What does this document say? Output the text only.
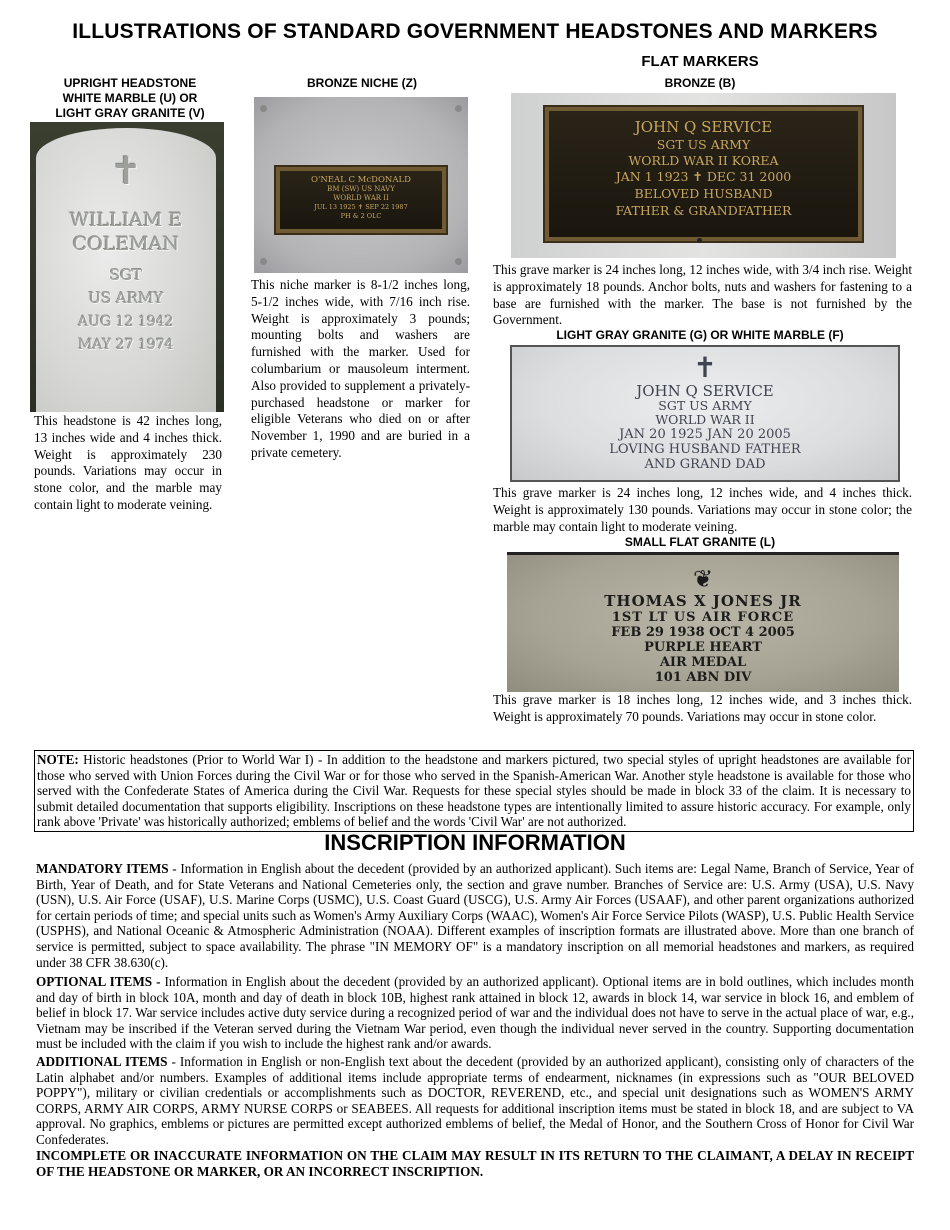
ILLUSTRATIONS OF STANDARD GOVERNMENT HEADSTONES AND MARKERS
FLAT MARKERS
UPRIGHT HEADSTONE
WHITE MARBLE (U) OR
LIGHT GRAY GRANITE (V)
✝
WILLIAM E
COLEMAN
SGT
US ARMY
AUG 12 1942
MAY 27 1974
This headstone is 42 inches long, 13 inches wide and 4 inches thick. Weight is approximately 230 pounds. Variations may occur in stone color, and the marble may contain light to moderate veining.
BRONZE NICHE (Z)
O'NEAL C McDONALD
BM (SW) US NAVY
WORLD WAR II
JUL 13 1925 ✝ SEP 22 1987
PH & 2 OLC
This niche marker is 8-1/2 inches long, 5-1/2 inches wide, with 7/16 inch rise. Weight is approximately 3 pounds; mounting bolts and washers are furnished with the marker. Used for columbarium or mausoleum interment. Also provided to supplement a privately-purchased headstone or marker for eligible Veterans who died on or after November 1, 1990 and are buried in a private cemetery.
BRONZE (B)
JOHN Q SERVICE
SGT US ARMY
WORLD WAR II KOREA
JAN 1 1923 ✝ DEC 31 2000
BELOVED HUSBAND
FATHER & GRANDFATHER
This grave marker is 24 inches long, 12 inches wide, with 3/4 inch rise. Weight is approximately 18 pounds. Anchor bolts, nuts and washers for fastening to a base are furnished with the marker. The base is not furnished by the Government.
LIGHT GRAY GRANITE (G) OR WHITE MARBLE (F)
✝
JOHN Q SERVICE
SGT US ARMY
WORLD WAR II
JAN 20 1925 JAN 20 2005
LOVING HUSBAND FATHER
AND GRAND DAD
This grave marker is 24 inches long, 12 inches wide, and 4 inches thick. Weight is approximately 130 pounds. Variations may occur in stone color; the marble may contain light to moderate veining.
SMALL FLAT GRANITE (L)
❦
THOMAS X JONES JR
1ST LT US AIR FORCE
FEB 29 1938 OCT 4 2005
PURPLE HEART
AIR MEDAL
101 ABN DIV
This grave marker is 18 inches long, 12 inches wide, and 3 inches thick. Weight is approximately 70 pounds. Variations may occur in stone color.
NOTE: Historic headstones (Prior to World War I) - In addition to the headstone and markers pictured, two special styles of upright headstones are available for those who served with Union Forces during the Civil War or for those who served in the Spanish-American War. Another style headstone is available for those who served with the Confederate States of America during the Civil War. Requests for these special styles should be made in block 33 of the claim. It is necessary to submit detailed documentation that supports eligibility. Inscriptions on these headstone types are intentionally limited to assure historic accuracy. For example, only rank above 'Private' was historically authorized; emblems of belief and the words 'Civil War' are not authorized.
INSCRIPTION INFORMATION
MANDATORY ITEMS - Information in English about the decedent (provided by an authorized applicant). Such items are: Legal Name, Branch of Service, Year of Birth, Year of Death, and for State Veterans and National Cemeteries only, the section and grave number. Branches of Service are: U.S. Army (USA), U.S. Navy (USN), U.S. Air Force (USAF), U.S. Marine Corps (USMC), U.S. Coast Guard (USCG), U.S. Army Air Forces (USAAF), and other parent organizations authorized for certain periods of time; and special units such as Women's Army Auxiliary Corps (WAAC), Women's Air Force Service Pilots (WASP), U.S. Public Health Service (USPHS), and National Oceanic & Atmospheric Administration (NOAA). Different examples of inscription formats are illustrated above. More than one branch of service is permitted, subject to space availability. The phrase "IN MEMORY OF" is a mandatory inscription on all memorial headstones and markers, as required under 38 CFR 38.630(c).
OPTIONAL ITEMS - Information in English about the decedent (provided by an authorized applicant). Optional items are in bold outlines, which includes month and day of birth in block 10A, month and day of death in block 10B, highest rank attained in block 12, awards in block 14, war service in block 16, and emblem of belief in block 17. War service includes active duty service during a recognized period of war and the individual does not have to serve in the actual place of war, e.g., Vietnam may be inscribed if the Veteran served during the Vietnam War period, even though the individual never served in the country. Supporting documentation must be included with the claim if you wish to include the highest rank and/or awards.
ADDITIONAL ITEMS - Information in English or non-English text about the decedent (provided by an authorized applicant), consisting only of characters of the Latin alphabet and/or numbers. Examples of additional items include appropriate terms of endearment, nicknames (in expressions such as "OUR BELOVED POPPY"), military or civilian credentials or accomplishments such as DOCTOR, REVEREND, etc., and special unit designations such as WOMEN'S ARMY CORPS, ARMY AIR CORPS, ARMY NURSE CORPS or SEABEES. All requests for additional inscription items must be stated in block 18, and are subject to VA approval. No graphics, emblems or pictures are permitted except authorized emblems of belief, the Medal of Honor, and the Southern Cross of Honor for Civil War Confederates.
INCOMPLETE OR INACCURATE INFORMATION ON THE CLAIM MAY RESULT IN ITS RETURN TO THE CLAIMANT, A DELAY IN RECEIPT OF THE HEADSTONE OR MARKER, OR AN INCORRECT INSCRIPTION.
